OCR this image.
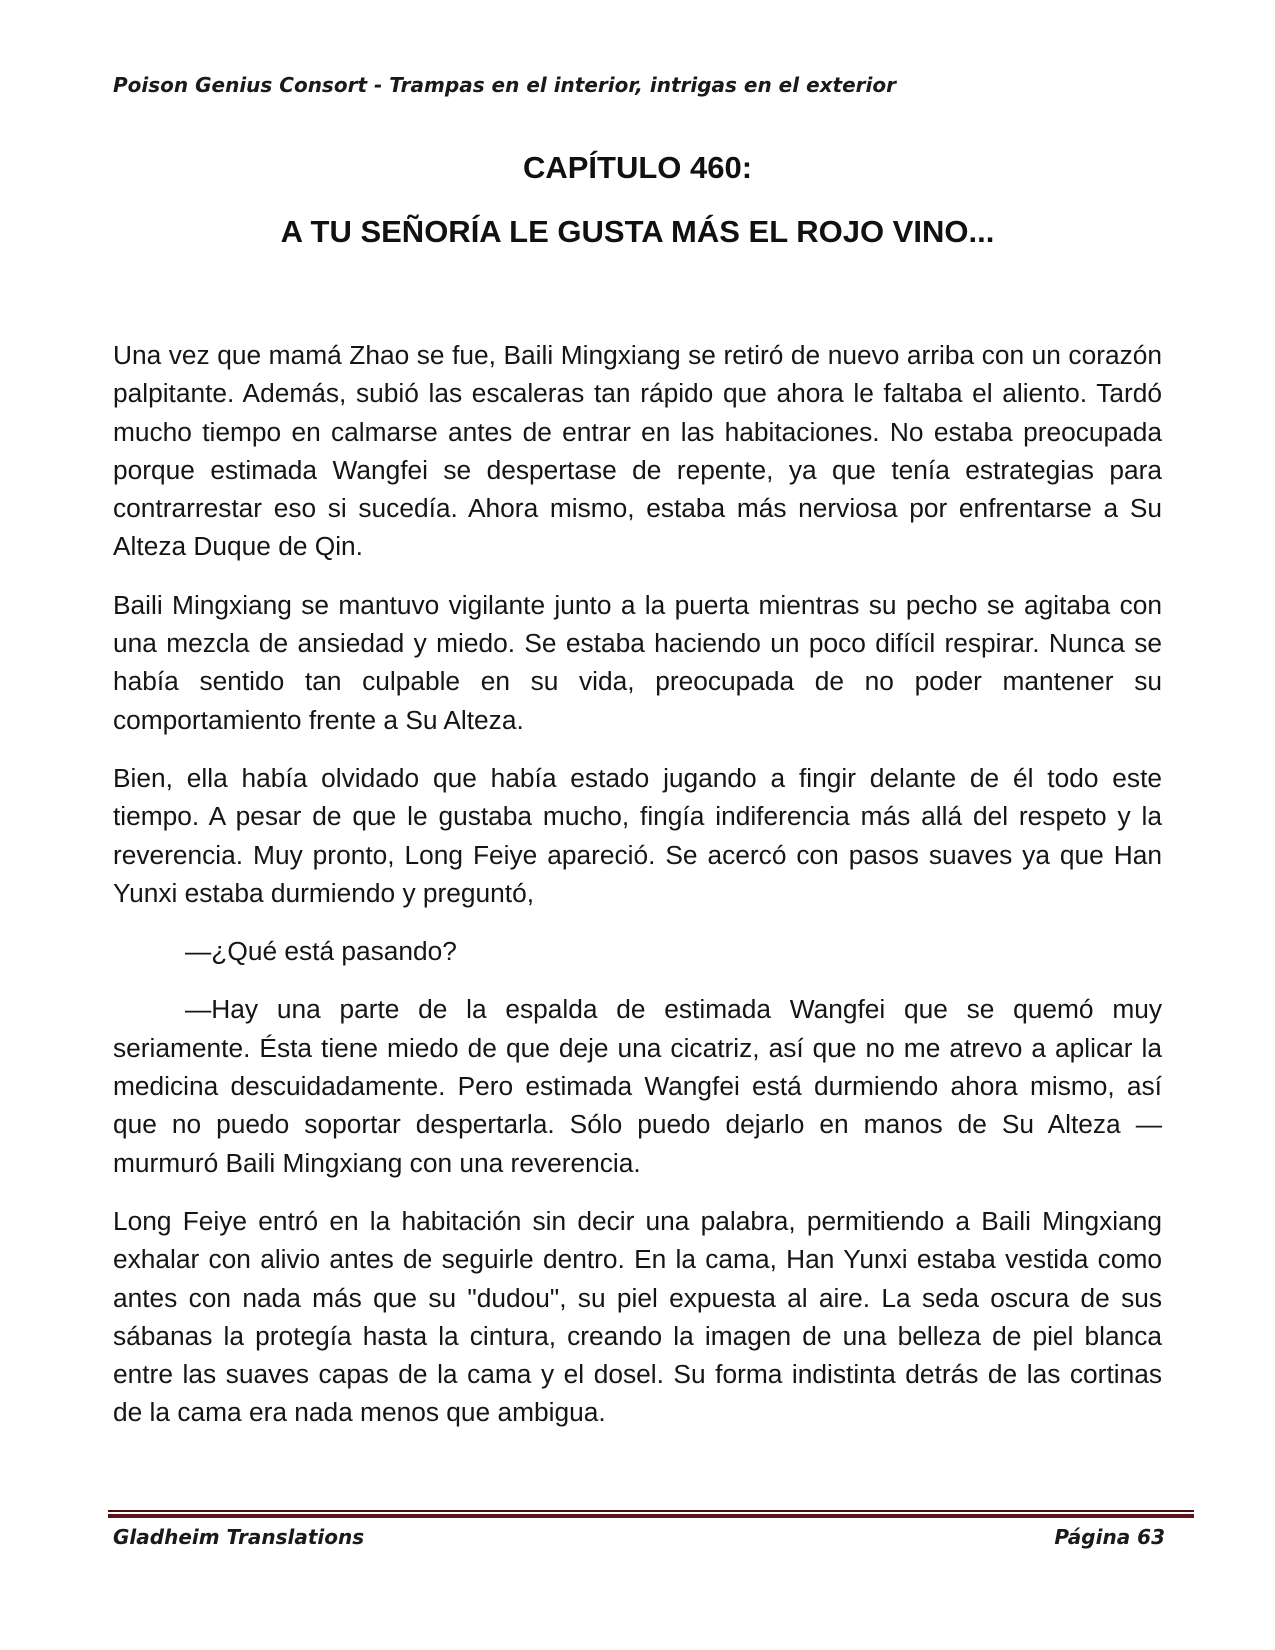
Poison Genius Consort - Trampas en el interior, intrigas en el exterior
CAPÍTULO 460:
A TU SEÑORÍA LE GUSTA MÁS EL ROJO VINO...

Una vez que mamá Zhao se fue, Baili Mingxiang se retiró de nuevo arriba con un corazón palpitante. Además, subió las escaleras tan rápido que ahora le faltaba el aliento. Tardó mucho tiempo en calmarse antes de entrar en las habitaciones. No estaba preocupada porque estimada Wangfei se despertase de repente, ya que tenía estrategias para contrarrestar eso si sucedía. Ahora mismo, estaba más nerviosa por enfrentarse a Su Alteza Duque de Qin.

Baili Mingxiang se mantuvo vigilante junto a la puerta mientras su pecho se agitaba con una mezcla de ansiedad y miedo. Se estaba haciendo un poco difícil respirar. Nunca se había sentido tan culpable en su vida, preocupada de no poder mantener su comportamiento frente a Su Alteza.

Bien, ella había olvidado que había estado jugando a fingir delante de él todo este tiempo. A pesar de que le gustaba mucho, fingía indiferencia más allá del respeto y la reverencia. Muy pronto, Long Feiye apareció. Se acercó con pasos suaves ya que Han Yunxi estaba durmiendo y preguntó,

—¿Qué está pasando?

—Hay una parte de la espalda de estimada Wangfei que se quemó muy seriamente. Ésta tiene miedo de que deje una cicatriz, así que no me atrevo a aplicar la medicina descuidadamente. Pero estimada Wangfei está durmiendo ahora mismo, así que no puedo soportar despertarla. Sólo puedo dejarlo en manos de Su Alteza —murmuró Baili Mingxiang con una reverencia.

Long Feiye entró en la habitación sin decir una palabra, permitiendo a Baili Mingxiang exhalar con alivio antes de seguirle dentro. En la cama, Han Yunxi estaba vestida como antes con nada más que su "dudou", su piel expuesta al aire. La seda oscura de sus sábanas la protegía hasta la cintura, creando la imagen de una belleza de piel blanca entre las suaves capas de la cama y el dosel. Su forma indistinta detrás de las cortinas de la cama era nada menos que ambigua.

Gladheim Translations	Página 63
